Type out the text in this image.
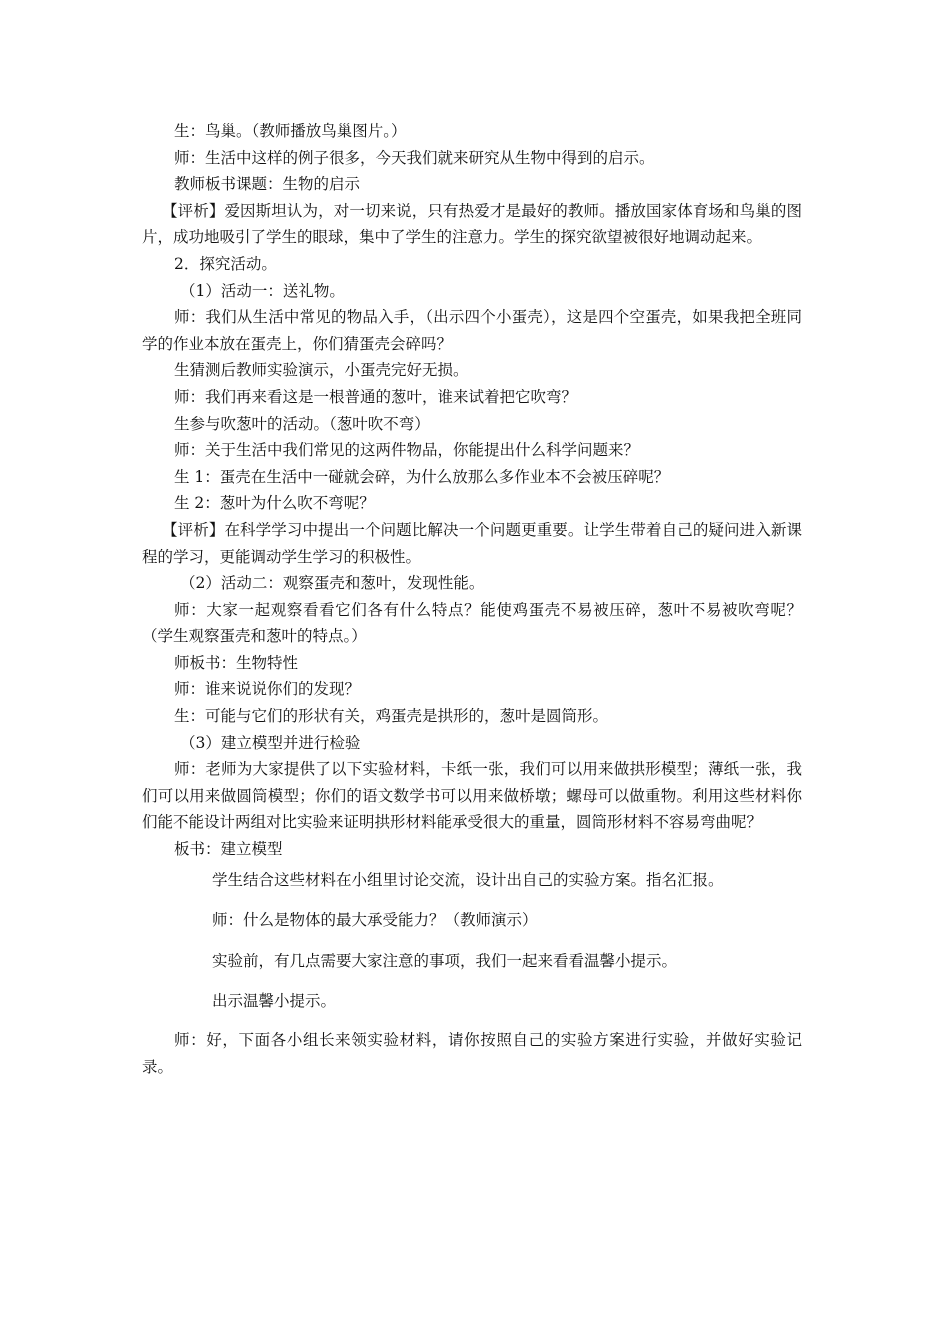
生：鸟巢。（教师播放鸟巢图片。）

师：生活中这样的例子很多，今天我们就来研究从生物中得到的启示。

教师板书课题：生物的启示

【评析】爱因斯坦认为，对一切来说，只有热爱才是最好的教师。播放国家体育场和鸟巢的图片，成功地吸引了学生的眼球，集中了学生的注意力。学生的探究欲望被很好地调动起来。

2．探究活动。

（1）活动一：送礼物。

师：我们从生活中常见的物品入手，（出示四个小蛋壳），这是四个空蛋壳，如果我把全班同学的作业本放在蛋壳上，你们猜蛋壳会碎吗？

生猜测后教师实验演示，小蛋壳完好无损。

师：我们再来看这是一根普通的葱叶，谁来试着把它吹弯？

生参与吹葱叶的活动。（葱叶吹不弯）

师：关于生活中我们常见的这两件物品，你能提出什么科学问题来？

生 1：蛋壳在生活中一碰就会碎，为什么放那么多作业本不会被压碎呢？

生 2：葱叶为什么吹不弯呢？

【评析】在科学学习中提出一个问题比解决一个问题更重要。让学生带着自己的疑问进入新课程的学习，更能调动学生学习的积极性。

（2）活动二：观察蛋壳和葱叶，发现性能。

师：大家一起观察看看它们各有什么特点？能使鸡蛋壳不易被压碎，葱叶不易被吹弯呢？（学生观察蛋壳和葱叶的特点。）

师板书：生物特性

师：谁来说说你们的发现？

生：可能与它们的形状有关，鸡蛋壳是拱形的，葱叶是圆筒形。

（3）建立模型并进行检验

师：老师为大家提供了以下实验材料，卡纸一张，我们可以用来做拱形模型；薄纸一张，我们可以用来做圆筒模型；你们的语文数学书可以用来做桥墩；螺母可以做重物。利用这些材料你们能不能设计两组对比实验来证明拱形材料能承受很大的重量，圆筒形材料不容易弯曲呢？

板书：建立模型

学生结合这些材料在小组里讨论交流，设计出自己的实验方案。指名汇报。

师：什么是物体的最大承受能力？（教师演示）

实验前，有几点需要大家注意的事项，我们一起来看看温馨小提示。

出示温馨小提示。

师：好，下面各小组长来领实验材料，请你按照自己的实验方案进行实验，并做好实验记录。
